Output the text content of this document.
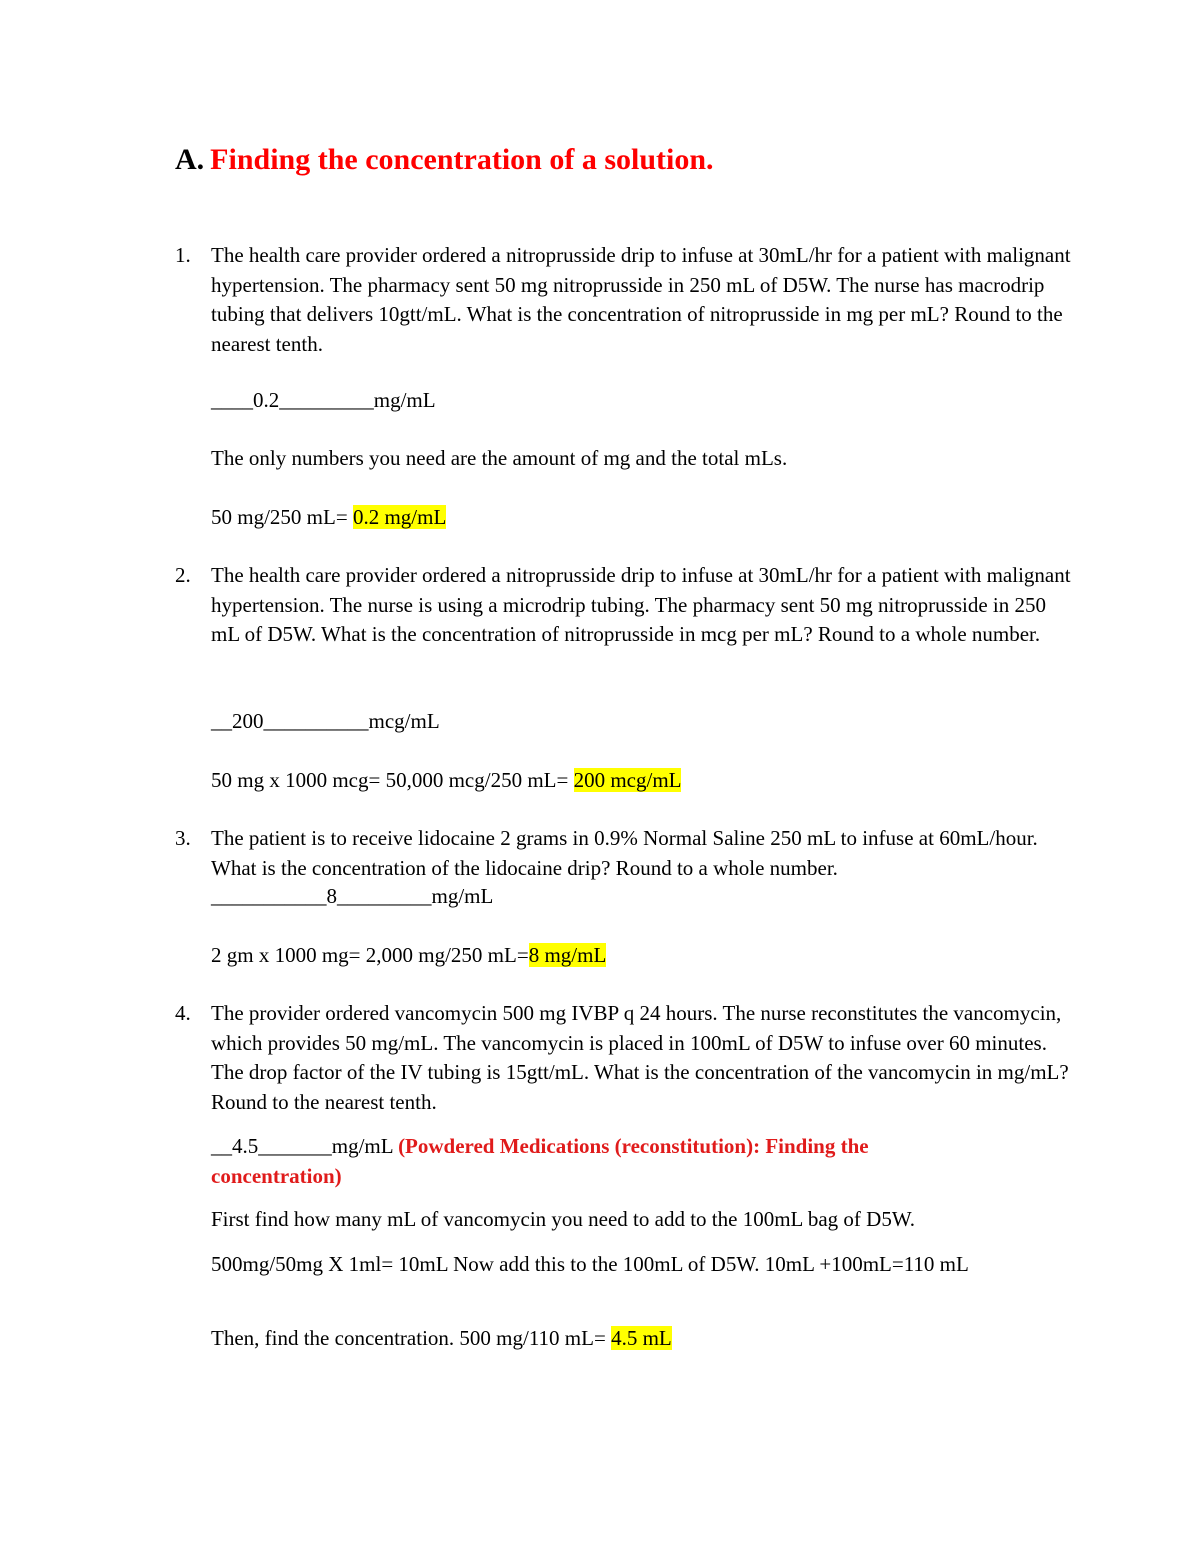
A. Finding the concentration of a solution.
1. The health care provider ordered a nitroprusside drip to infuse at 30mL/hr for a patient with malignant hypertension. The pharmacy sent 50 mg nitroprusside in 250 mL of D5W. The nurse has macrodrip tubing that delivers 10gtt/mL. What is the concentration of nitroprusside in mg per mL? Round to the nearest tenth.
____0.2_________mg/mL
The only numbers you need are the amount of mg and the total mLs.
50 mg/250 mL= 0.2 mg/mL
2. The health care provider ordered a nitroprusside drip to infuse at 30mL/hr for a patient with malignant hypertension. The nurse is using a microdrip tubing. The pharmacy sent 50 mg nitroprusside in 250 mL of D5W. What is the concentration of nitroprusside in mcg per mL? Round to a whole number.
__200__________mcg/mL
50 mg x 1000 mcg= 50,000 mcg/250 mL= 200 mcg/mL
3. The patient is to receive lidocaine 2 grams in 0.9% Normal Saline 250 mL to infuse at 60mL/hour. What is the concentration of the lidocaine drip? Round to a whole number.
___________8_________mg/mL
2 gm x 1000 mg= 2,000 mg/250 mL=8 mg/mL
4. The provider ordered vancomycin 500 mg IVBP q 24 hours. The nurse reconstitutes the vancomycin, which provides 50 mg/mL. The vancomycin is placed in 100mL of D5W to infuse over 60 minutes. The drop factor of the IV tubing is 15gtt/mL. What is the concentration of the vancomycin in mg/mL? Round to the nearest tenth.
__4.5_______mg/mL (Powdered Medications (reconstitution): Finding the concentration)
First find how many mL of vancomycin you need to add to the 100mL bag of D5W.
500mg/50mg X 1ml= 10mL Now add this to the 100mL of D5W. 10mL +100mL=110 mL
Then, find the concentration. 500 mg/110 mL= 4.5 mL
